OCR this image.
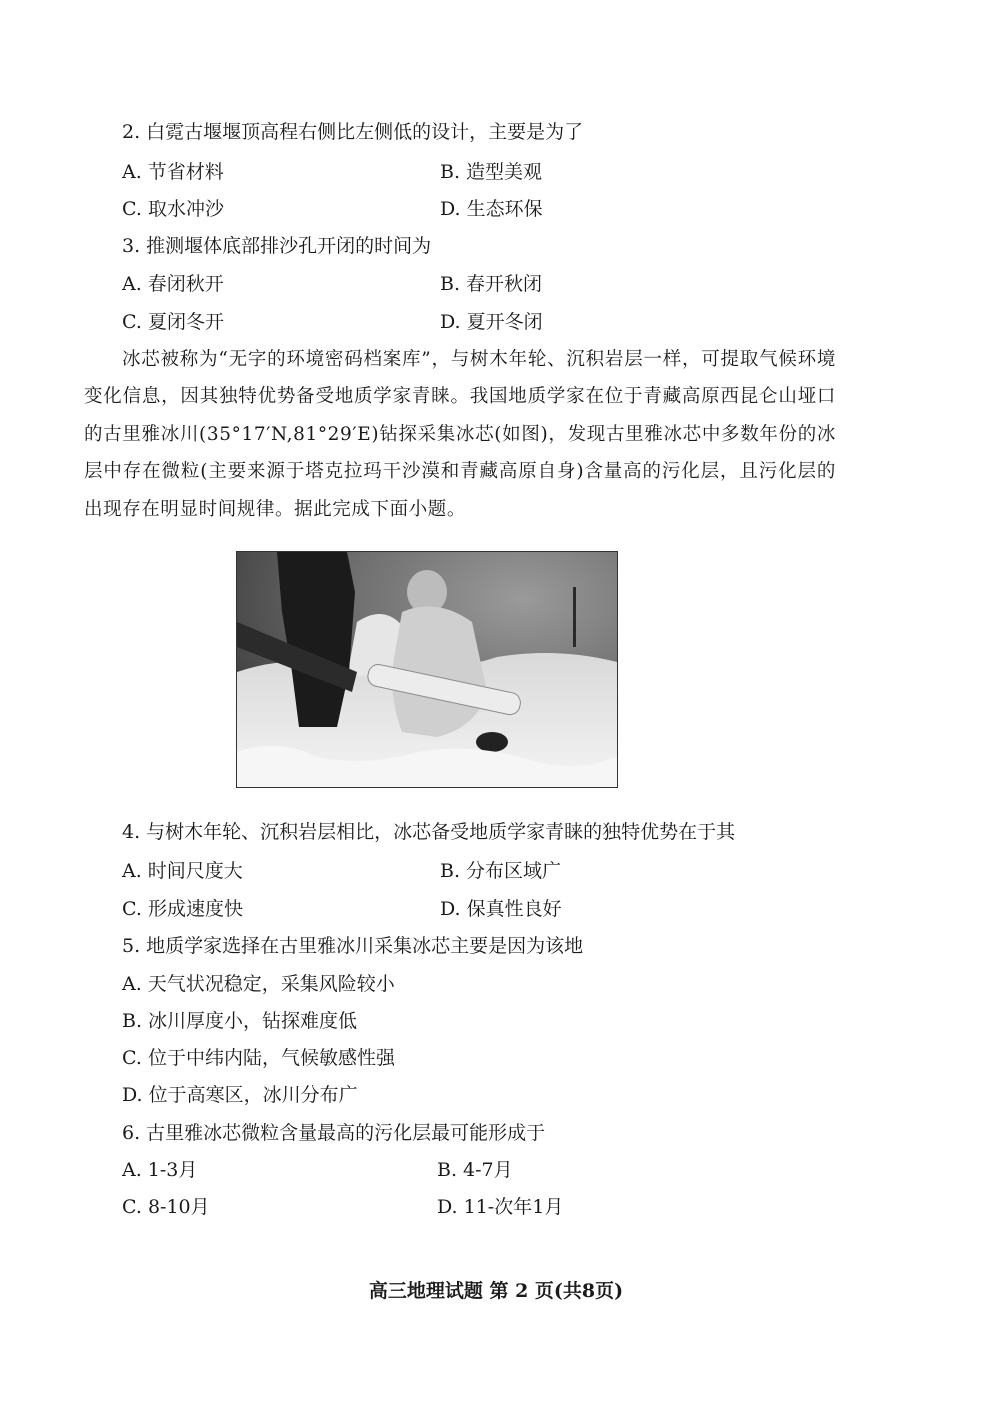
2. 白霓古堰堰顶高程右侧比左侧低的设计，主要是为了
A. 节省材料	B. 造型美观
C. 取水冲沙	D. 生态环保
3. 推测堰体底部排沙孔开闭的时间为
A. 春闭秋开	B. 春开秋闭
C. 夏闭冬开	D. 夏开冬闭
冰芯被称为“无字的环境密码档案库”，与树木年轮、沉积岩层一样，可提取气候环境变化信息，因其独特优势备受地质学家青睐。我国地质学家在位于青藏高原西昆仑山垭口的古里雅冰川(35°17′N,81°29′E)钻探采集冰芯(如图)，发现古里雅冰芯中多数年份的冰层中存在微粒(主要来源于塔克拉玛干沙漠和青藏高原自身)含量高的污化层，且污化层的出现存在明显时间规律。据此完成下面小题。
4. 与树木年轮、沉积岩层相比，冰芯备受地质学家青睐的独特优势在于其
A. 时间尺度大	B. 分布区域广
C. 形成速度快	D. 保真性良好
5. 地质学家选择在古里雅冰川采集冰芯主要是因为该地
A. 天气状况稳定，采集风险较小
B. 冰川厚度小，钻探难度低
C. 位于中纬内陆，气候敏感性强
D. 位于高寒区，冰川分布广
6. 古里雅冰芯微粒含量最高的污化层最可能形成于
A. 1-3月	B. 4-7月
C. 8-10月	D. 11-次年1月
高三地理试题 第 2 页(共8页)
